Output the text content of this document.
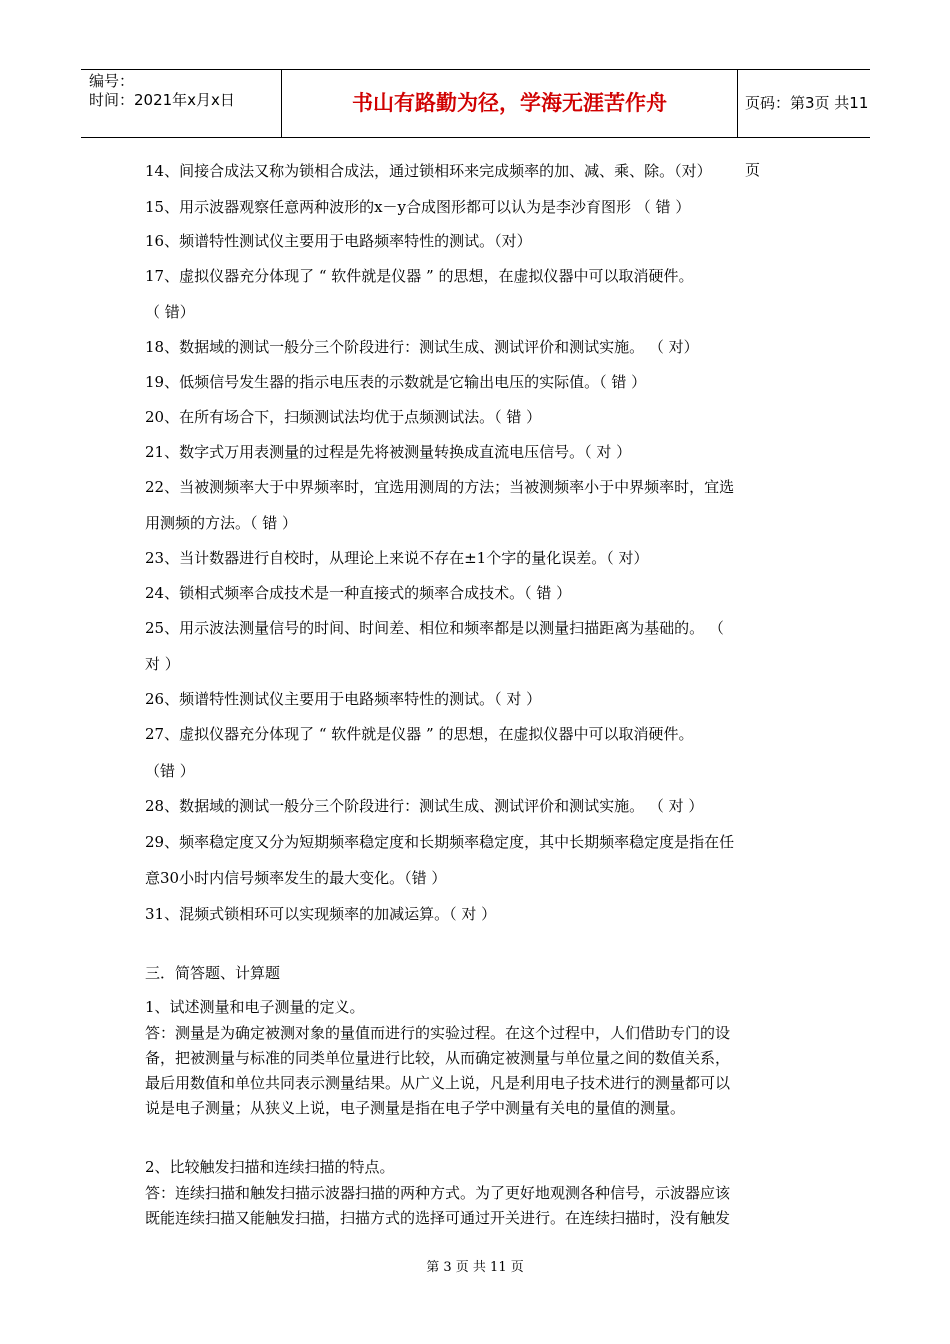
编号：
时间：2021年x月x日	书山有路勤为径，学海无涯苦作舟	页码：第3页 共11页
14、间接合成法又称为锁相合成法，通过锁相环来完成频率的加、减、乘、除。（对）
15、用示波器观察任意两种波形的x－y合成图形都可以认为是李沙育图形 （ 错 ）
16、频谱特性测试仪主要用于电路频率特性的测试。（对）
17、虚拟仪器充分体现了 “ 软件就是仪器 ” 的思想，在虚拟仪器中可以取消硬件。
（ 错）
18、数据域的测试一般分三个阶段进行：测试生成、测试评价和测试实施。 （ 对）
19、低频信号发生器的指示电压表的示数就是它输出电压的实际值。（ 错 ）
20、在所有场合下，扫频测试法均优于点频测试法。（ 错 ）
21、数字式万用表测量的过程是先将被测量转换成直流电压信号。（ 对 ）
22、当被测频率大于中界频率时，宜选用测周的方法；当被测频率小于中界频率时，宜选
用测频的方法。（ 错 ）
23、当计数器进行自校时，从理论上来说不存在±1个字的量化误差。（ 对）
24、锁相式频率合成技术是一种直接式的频率合成技术。（ 错 ）
25、用示波法测量信号的时间、时间差、相位和频率都是以测量扫描距离为基础的。 （
对 ）
26、频谱特性测试仪主要用于电路频率特性的测试。（ 对 ）
27、虚拟仪器充分体现了 “ 软件就是仪器 ” 的思想，在虚拟仪器中可以取消硬件。
（错 ）
28、数据域的测试一般分三个阶段进行：测试生成、测试评价和测试实施。 （ 对 ）
29、频率稳定度又分为短期频率稳定度和长期频率稳定度，其中长期频率稳定度是指在任
意30小时内信号频率发生的最大变化。（错 ）
31、混频式锁相环可以实现频率的加减运算。（ 对 ）
三．简答题、计算题
1、试述测量和电子测量的定义。
答：测量是为确定被测对象的量值而进行的实验过程。在这个过程中，人们借助专门的设
备，把被测量与标准的同类单位量进行比较，从而确定被测量与单位量之间的数值关系，
最后用数值和单位共同表示测量结果。从广义上说，凡是利用电子技术进行的测量都可以
说是电子测量；从狭义上说，电子测量是指在电子学中测量有关电的量值的测量。
2、比较触发扫描和连续扫描的特点。
答：连续扫描和触发扫描示波器扫描的两种方式。为了更好地观测各种信号，示波器应该
既能连续扫描又能触发扫描，扫描方式的选择可通过开关进行。在连续扫描时，没有触发
第 3 页 共 11 页
